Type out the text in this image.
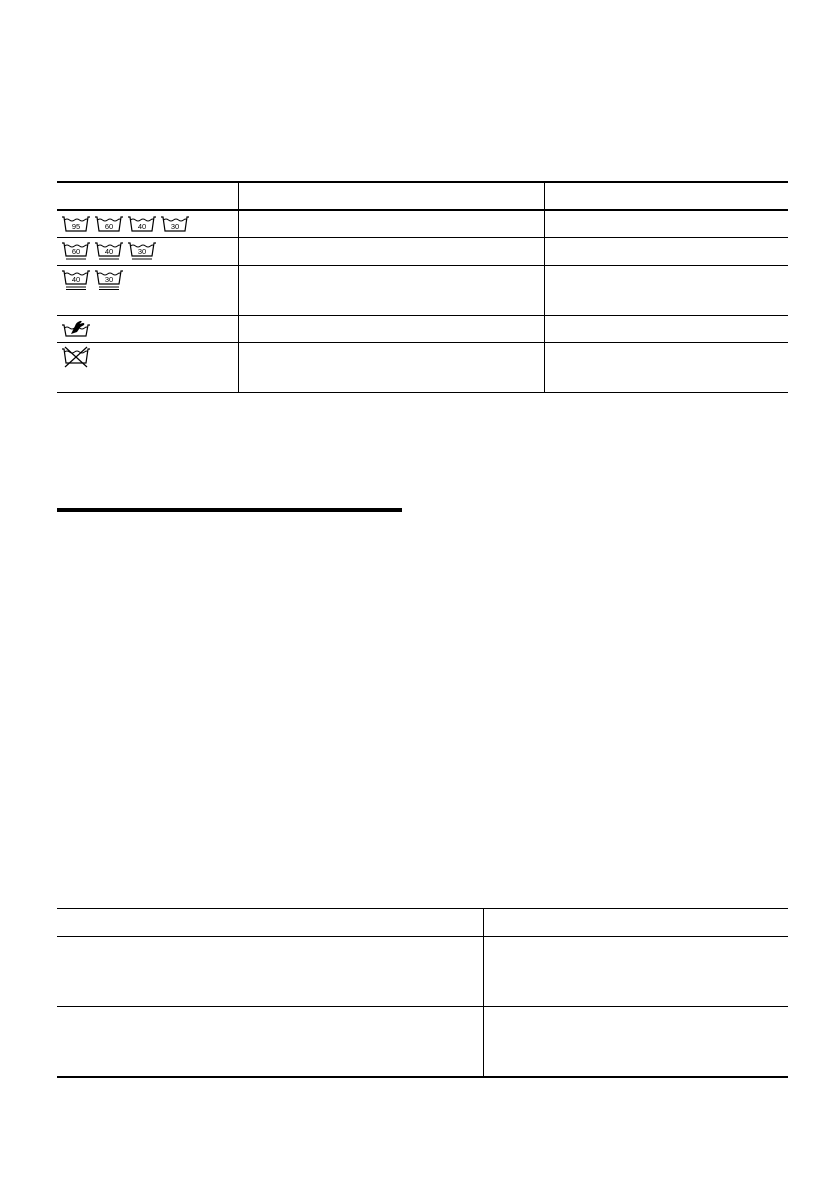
95	60	40	30
60	40	30
40	30
